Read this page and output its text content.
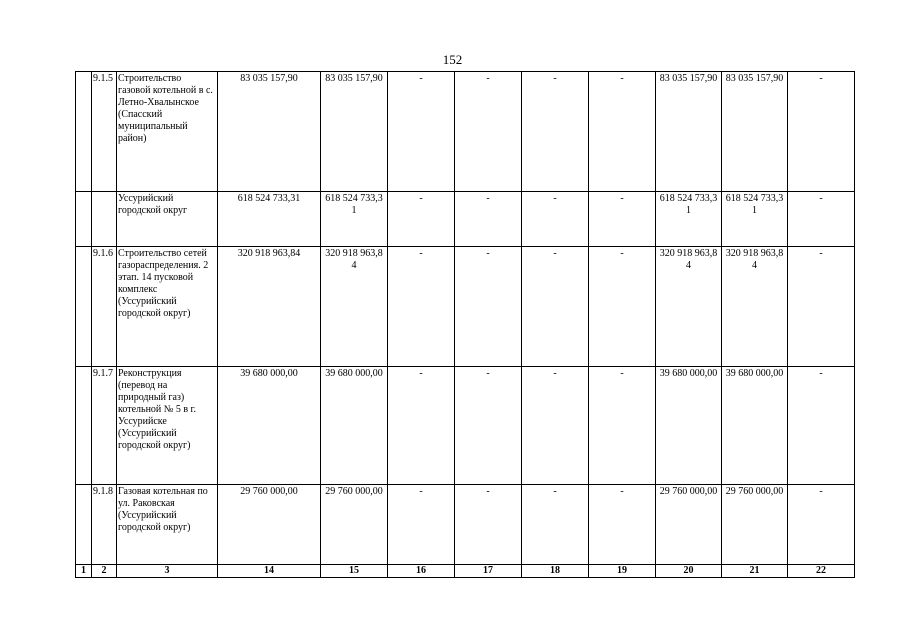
152
	9.1.5	Строительство газовой котельной в с. Летно-Хвалынское (Спасский муниципальный район)	83 035 157,90	83 035 157,90	-	-	-	-	83 035 157,90	83 035 157,90	-
		Уссурийский городской округ	618 524 733,31	618 524 733,3 1	-	-	-	-	618 524 733,3 1	618 524 733,3 1	-
	9.1.6	Строительство сетей газораспределения. 2 этап. 14 пусковой комплекс (Уссурийский городской округ)	320 918 963,84	320 918 963,8 4	-	-	-	-	320 918 963,8 4	320 918 963,8 4	-
	9.1.7	Реконструкция (перевод на природный газ) котельной № 5 в г. Уссурийске (Уссурийский городской округ)	39 680 000,00	39 680 000,00	-	-	-	-	39 680 000,00	39 680 000,00	-
	9.1.8	Газовая котельная по ул. Раковская (Уссурийский городской округ)	29 760 000,00	29 760 000,00	-	-	-	-	29 760 000,00	29 760 000,00	-
1	2	3	14	15	16	17	18	19	20	21	22
